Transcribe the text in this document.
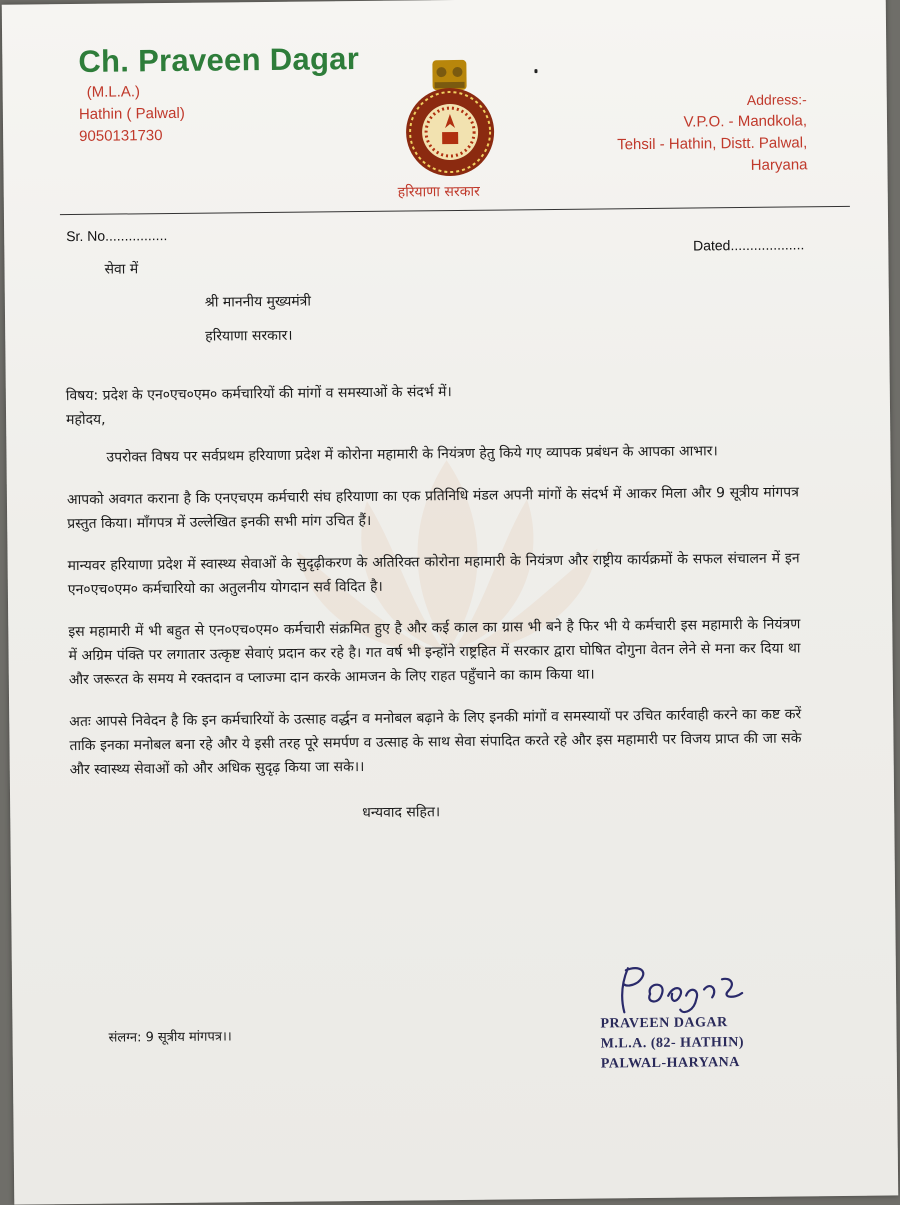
Ch. Praveen Dagar
(M.L.A.)
Hathin ( Palwal)
9050131730
हरियाणा सरकार
Address:-
V.P.O. - Mandkola,
Tehsil - Hathin, Distt. Palwal,
Haryana
Sr. No................
Dated...................

सेवा में

श्री माननीय मुख्यमंत्री

हरियाणा सरकार।

विषय: प्रदेश के एन०एच०एम० कर्मचारियों की मांगों व समस्याओं के संदर्भ में।

महोदय,

उपरोक्त विषय पर सर्वप्रथम हरियाणा प्रदेश में कोरोना महामारी के नियंत्रण हेतु किये गए व्यापक प्रबंधन के आपका आभार।

आपको अवगत कराना है कि एनएचएम कर्मचारी संघ हरियाणा का एक प्रतिनिधि मंडल अपनी मांगों के संदर्भ में आकर मिला और 9 सूत्रीय मांगपत्र प्रस्तुत किया। माँगपत्र में उल्लेखित इनकी सभी मांग उचित हैं।

मान्यवर हरियाणा प्रदेश में स्वास्थ्य सेवाओं के सुदृढ़ीकरण के अतिरिक्त कोरोना महामारी के नियंत्रण और राष्ट्रीय कार्यक्रमों के सफल संचालन में इन एन०एच०एम० कर्मचारियो का अतुलनीय योगदान सर्व विदित है।

इस महामारी में भी बहुत से एन०एच०एम० कर्मचारी संक्रमित हुए है और कई काल का ग्रास भी बने है फिर भी ये कर्मचारी इस महामारी के नियंत्रण में अग्रिम पंक्ति पर लगातार उत्कृष्ट सेवाएं प्रदान कर रहे है। गत वर्ष भी इन्होंने राष्ट्रहित में सरकार द्वारा घोषित दोगुना वेतन लेने से मना कर दिया था और जरूरत के समय मे रक्तदान व प्लाज्मा दान करके आमजन के लिए राहत पहुँचाने का काम किया था।

अतः आपसे निवेदन है कि इन कर्मचारियों के उत्साह वर्द्धन व मनोबल बढ़ाने के लिए इनकी मांगों व समस्यायों पर उचित कार्रवाही करने का कष्ट करें ताकि इनका मनोबल बना रहे और ये इसी तरह पूरे समर्पण व उत्साह के साथ सेवा संपादित करते रहे और इस महामारी पर विजय प्राप्त की जा सके और स्वास्थ्य सेवाओं को और अधिक सुदृढ़ किया जा सके।।

धन्यवाद सहित।

संलग्न: 9 सूत्रीय मांगपत्र।।
PRAVEEN DAGAR
M.L.A. (82- HATHIN)
PALWAL-HARYANA
